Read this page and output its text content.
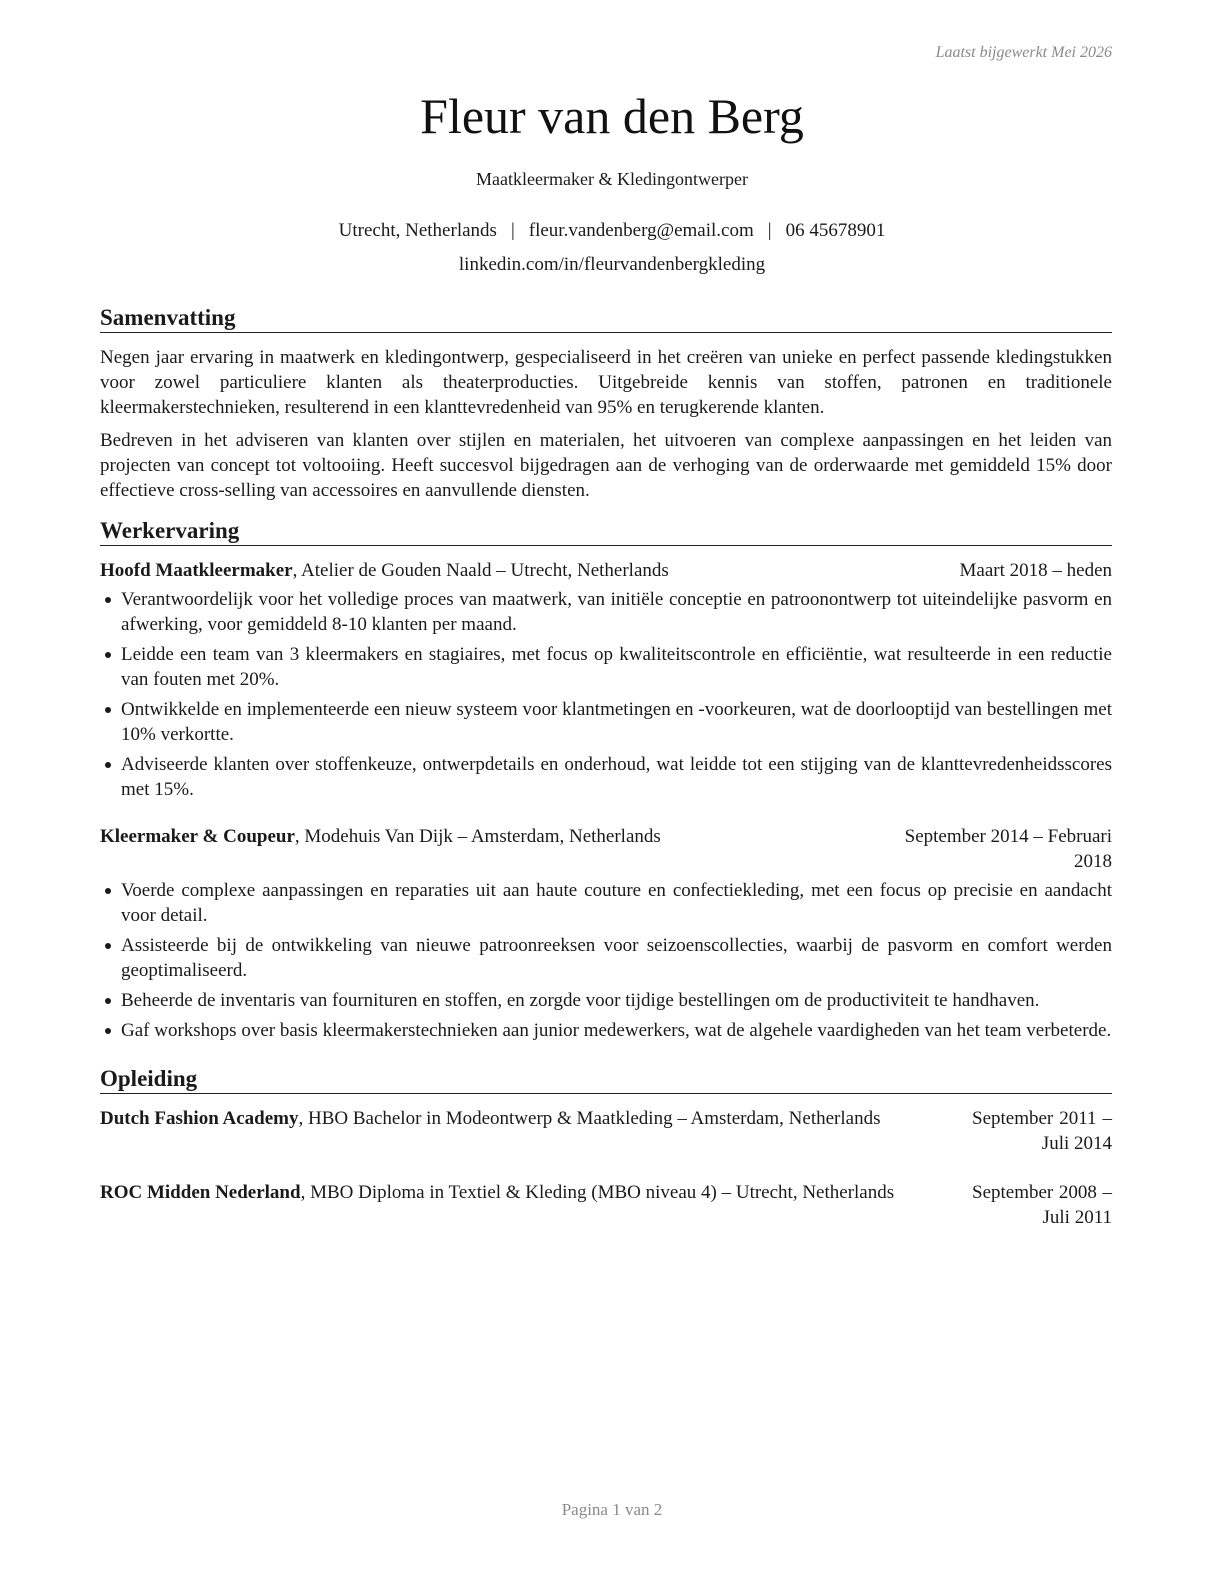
Laatst bijgewerkt Mei 2026
Fleur van den Berg
Maatkleermaker & Kledingontwerper
Utrecht, Netherlands | fleur.vandenberg@email.com | 06 45678901
linkedin.com/in/fleurvandenbergkleding
Samenvatting

Negen jaar ervaring in maatwerk en kledingontwerp, gespecialiseerd in het creëren van unieke en perfect passende kledingstukken voor zowel particuliere klanten als theaterproducties. Uitgebreide kennis van stoffen, patronen en traditionele kleermakerstechnieken, resulterend in een klanttevredenheid van 95% en terugkerende klanten.

Bedreven in het adviseren van klanten over stijlen en materialen, het uitvoeren van complexe aanpassingen en het leiden van projecten van concept tot voltooiing. Heeft succesvol bijgedragen aan de verhoging van de orderwaarde met gemiddeld 15% door effectieve cross-selling van accessoires en aanvullende diensten.

Werkervaring
Hoofd Maatkleermaker, Atelier de Gouden Naald – Utrecht, Netherlands	Maart 2018 – heden
Verantwoordelijk voor het volledige proces van maatwerk, van initiële conceptie en patroonontwerp tot uiteindelijke pasvorm en afwerking, voor gemiddeld 8-10 klanten per maand.
Leidde een team van 3 kleermakers en stagiaires, met focus op kwaliteitscontrole en efficiëntie, wat resulteerde in een reductie van fouten met 20%.
Ontwikkelde en implementeerde een nieuw systeem voor klantmetingen en -voorkeuren, wat de doorlooptijd van bestellingen met 10% verkortte.
Adviseerde klanten over stoffenkeuze, ontwerpdetails en onderhoud, wat leidde tot een stijging van de klanttevredenheidsscores met 15%.
Kleermaker & Coupeur, Modehuis Van Dijk – Amsterdam, Netherlands	September 2014 – Februari 2018
Voerde complexe aanpassingen en reparaties uit aan haute couture en confectiekleding, met een focus op precisie en aandacht voor detail.
Assisteerde bij de ontwikkeling van nieuwe patroonreeksen voor seizoenscollecties, waarbij de pasvorm en comfort werden geoptimaliseerd.
Beheerde de inventaris van fournituren en stoffen, en zorgde voor tijdige bestellingen om de productiviteit te handhaven.
Gaf workshops over basis kleermakerstechnieken aan junior medewerkers, wat de algehele vaardigheden van het team verbeterde.
Opleiding
Dutch Fashion Academy, HBO Bachelor in Modeontwerp & Maatkleding – Amsterdam, Netherlands	September 2011 – Juli 2014
ROC Midden Nederland, MBO Diploma in Textiel & Kleding (MBO niveau 4) – Utrecht, Netherlands	September 2008 – Juli 2011
Pagina 1 van 2
